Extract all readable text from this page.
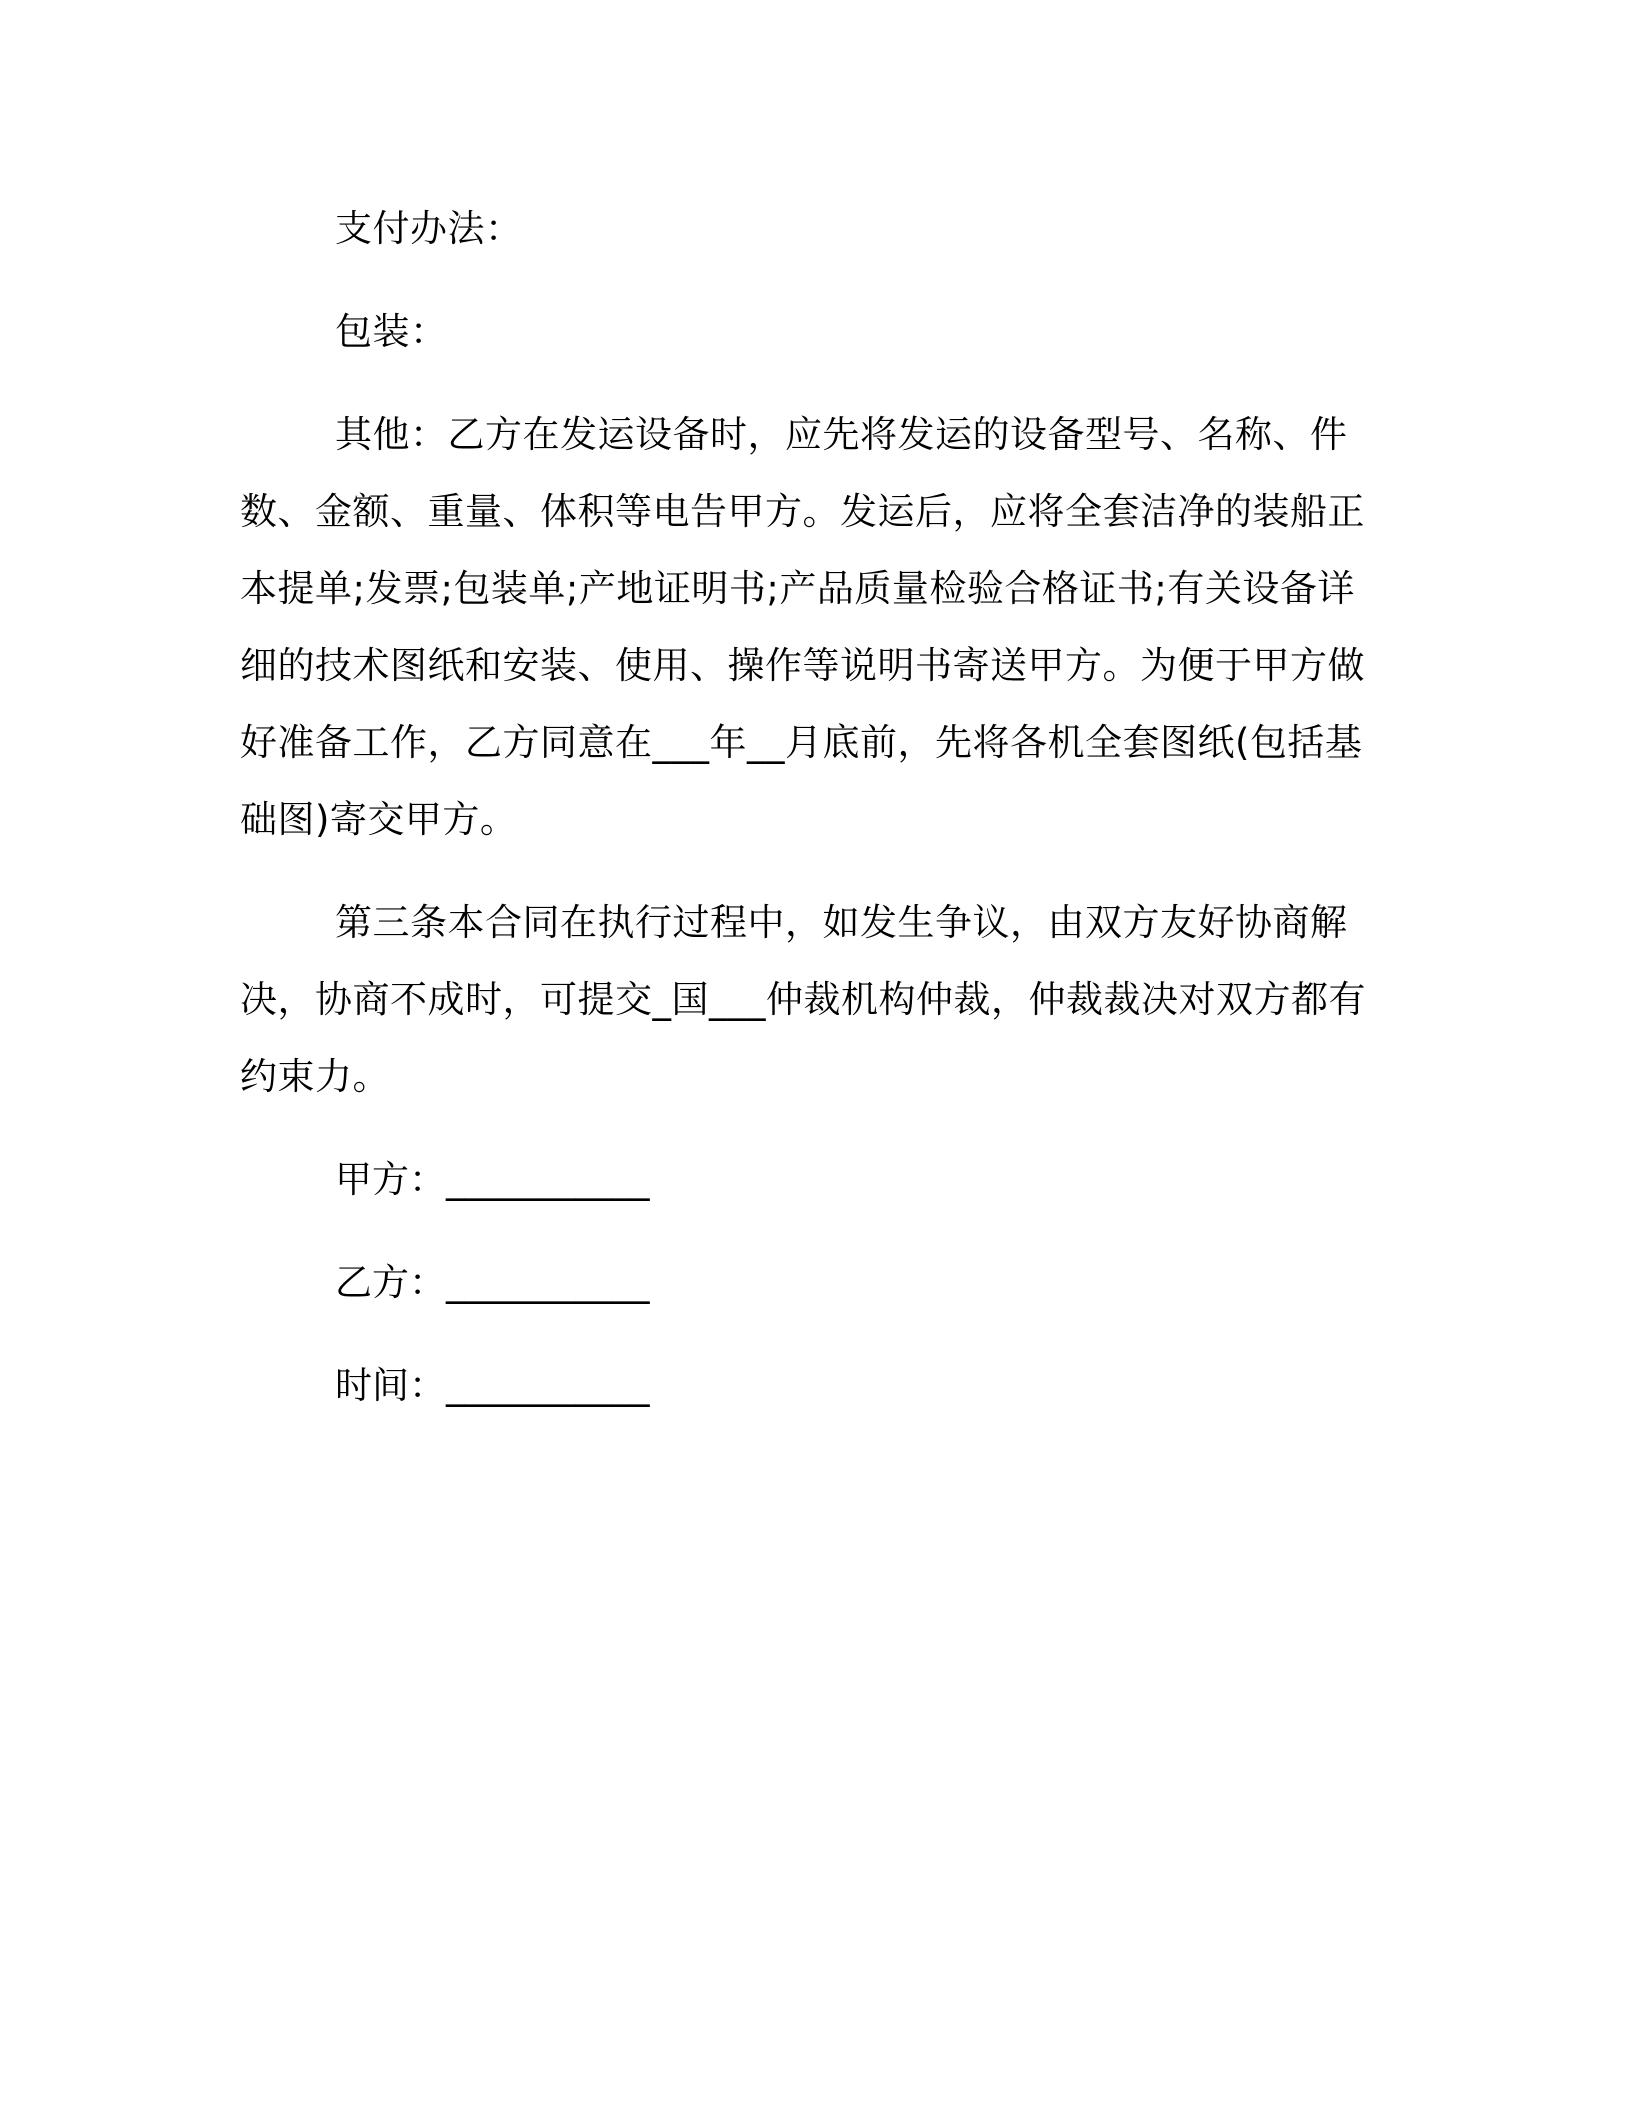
支付办法：

包装：

其他：乙方在发运设备时，应先将发运的设备型号、名称、件数、金额、重量、体积等电告甲方。发运后，应将全套洁净的装船正本提单;发票;包装单;产地证明书;产品质量检验合格证书;有关设备详细的技术图纸和安装、使用、操作等说明书寄送甲方。为便于甲方做好准备工作，乙方同意在___年__月底前，先将各机全套图纸(包括基础图)寄交甲方。

第三条本合同在执行过程中，如发生争议，由双方友好协商解决，协商不成时，可提交_国___仲裁机构仲裁，仲裁裁决对双方都有约束力。

甲方：___________

乙方：___________

时间：___________
